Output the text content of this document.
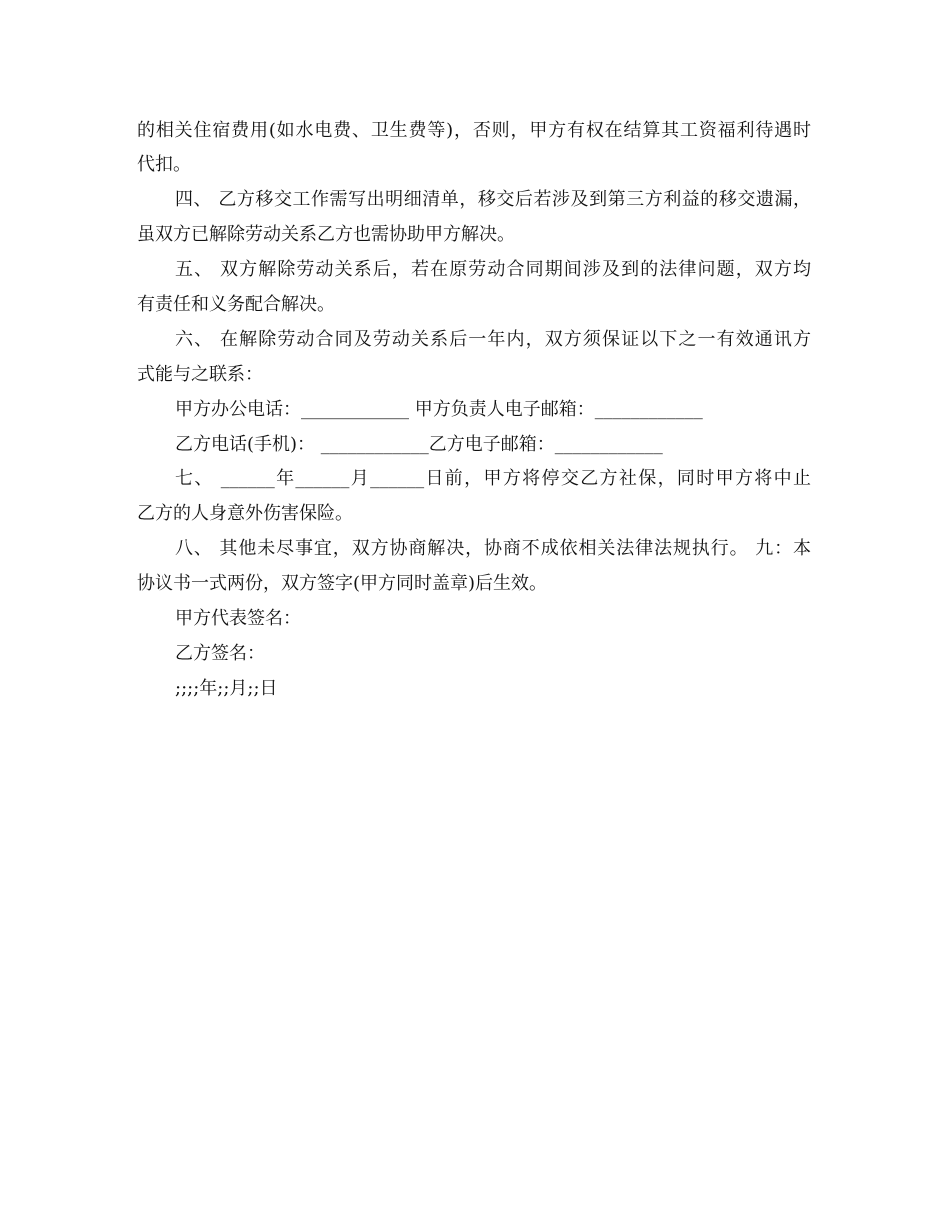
的相关住宿费用(如水电费、卫生费等)，否则，甲方有权在结算其工资福利待遇时
代扣。
四、 乙方移交工作需写出明细清单，移交后若涉及到第三方利益的移交遗漏，
虽双方已解除劳动关系乙方也需协助甲方解决。
五、 双方解除劳动关系后，若在原劳动合同期间涉及到的法律问题，双方均
有责任和义务配合解决。
六、 在解除劳动合同及劳动关系后一年内，双方须保证以下之一有效通讯方
式能与之联系：
甲方办公电话：____________ 甲方负责人电子邮箱：____________
乙方电话(手机)： ____________乙方电子邮箱：____________
七、 ______年______月______日前，甲方将停交乙方社保，同时甲方将中止
乙方的人身意外伤害保险。
八、 其他未尽事宜，双方协商解决，协商不成依相关法律法规执行。 九：本
协议书一式两份，双方签字(甲方同时盖章)后生效。
甲方代表签名：
乙方签名：
;;;;年;;月;;日
